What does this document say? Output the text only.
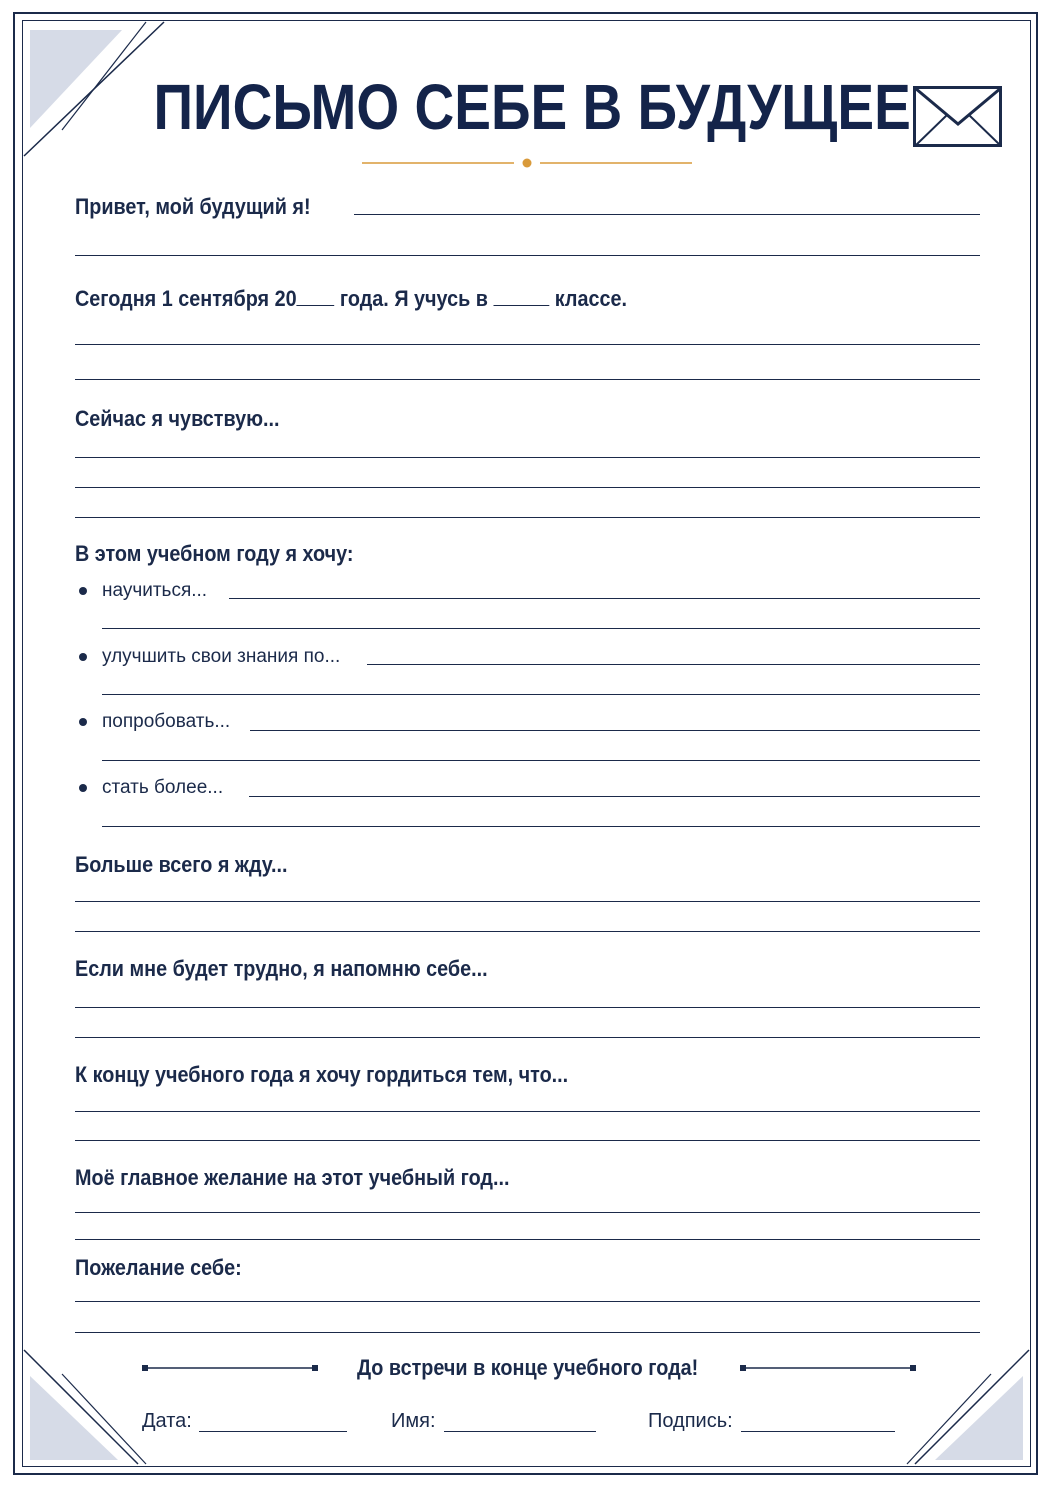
ПИСЬМО СЕБЕ В БУДУЩЕЕ
Привет, мой будущий я!
Сегодня 1 сентября 20 года. Я учусь в	классе.
Сейчас я чувствую...
В этом учебном году я хочу:
научиться...
улучшить свои знания по...
попробовать...
стать более...
Больше всего я жду...
Если мне будет трудно, я напомню себе...
К концу учебного года я хочу гордиться тем, что...
Моё главное желание на этот учебный год...
Пожелание себе:
До встречи в конце учебного года!
Дата:	Имя:	Подпись:
